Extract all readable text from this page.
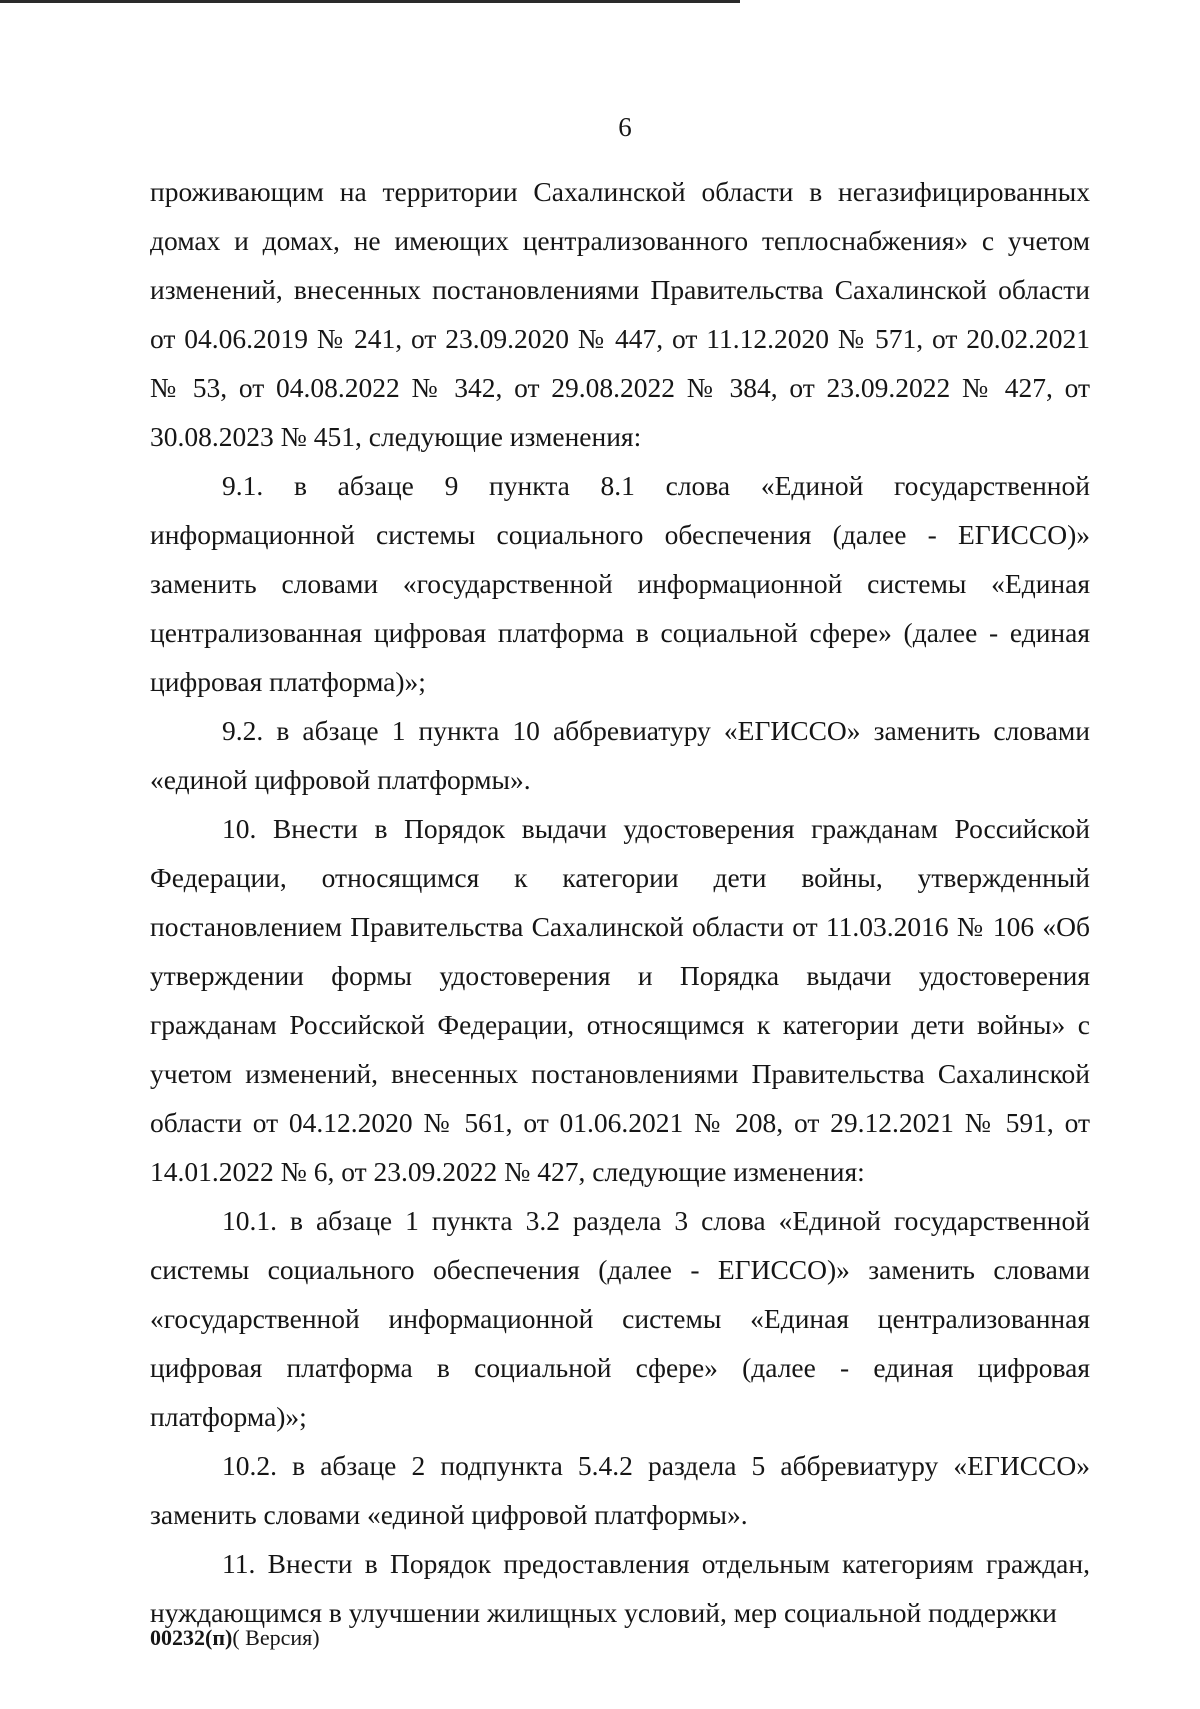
6

проживающим на территории Сахалинской области в негазифицированных домах и домах, не имеющих централизованного теплоснабжения» с учетом изменений, внесенных постановлениями Правительства Сахалинской области от 04.06.2019 № 241, от 23.09.2020 № 447, от 11.12.2020 № 571, от 20.02.2021 № 53, от 04.08.2022 № 342, от 29.08.2022 № 384, от 23.09.2022 № 427, от 30.08.2023 № 451, следующие изменения:

9.1. в абзаце 9 пункта 8.1 слова «Единой государственной информационной системы социального обеспечения (далее - ЕГИССО)» заменить словами «государственной информационной системы «Единая централизованная цифровая платформа в социальной сфере» (далее - единая цифровая платформа)»;

9.2. в абзаце 1 пункта 10 аббревиатуру «ЕГИССО» заменить словами «единой цифровой платформы».

10. Внести в Порядок выдачи удостоверения гражданам Российской Федерации, относящимся к категории дети войны, утвержденный постановлением Правительства Сахалинской области от 11.03.2016 № 106 «Об утверждении формы удостоверения и Порядка выдачи удостоверения гражданам Российской Федерации, относящимся к категории дети войны» с учетом изменений, внесенных постановлениями Правительства Сахалинской области от 04.12.2020 № 561, от 01.06.2021 № 208, от 29.12.2021 № 591, от 14.01.2022 № 6, от 23.09.2022 № 427, следующие изменения:

10.1. в абзаце 1 пункта 3.2 раздела 3 слова «Единой государственной системы социального обеспечения (далее - ЕГИССО)» заменить словами «государственной информационной системы «Единая централизованная цифровая платформа в социальной сфере» (далее - единая цифровая платформа)»;

10.2. в абзаце 2 подпункта 5.4.2 раздела 5 аббревиатуру «ЕГИССО» заменить словами «единой цифровой платформы».

11. Внести в Порядок предоставления отдельным категориям граждан, нуждающимся в улучшении жилищных условий, мер социальной поддержки

00232(п)( Версия)
